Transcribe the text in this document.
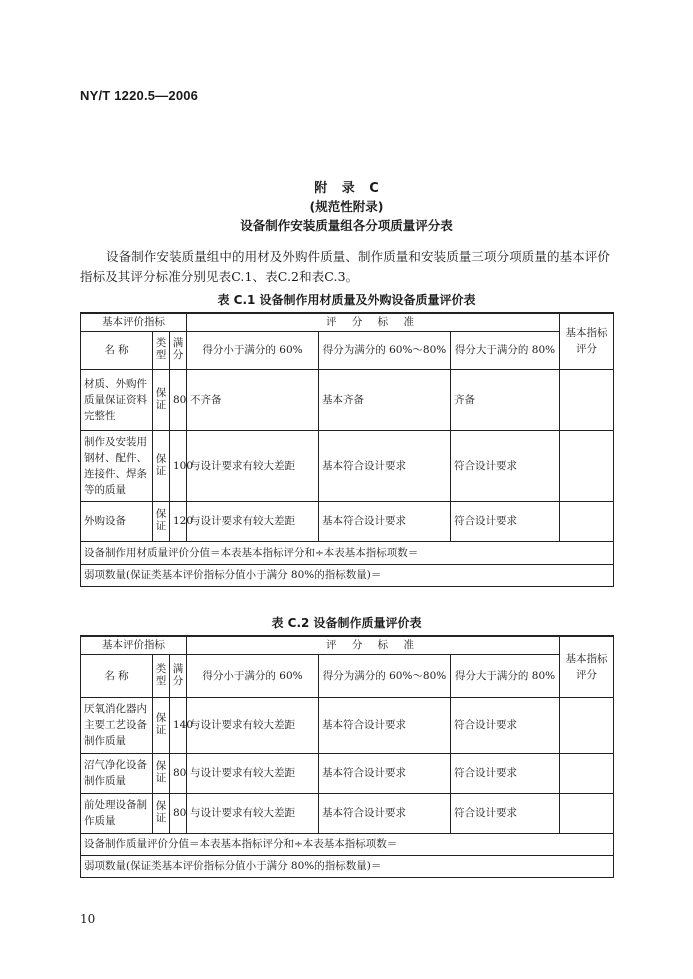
NY/T 1220.5—2006
附 录 C
(规范性附录)
设备制作安装质量组各分项质量评分表

设备制作安装质量组中的用材及外购件质量、制作质量和安装质量三项分项质量的基本评价指标及其评分标准分别见表C.1、表C.2和表C.3。

表 C.1 设备制作用材质量及外购设备质量评价表
基本评价指标			评 分 标 准			基本指标评分
名 称	类型	满分	得分小于满分的 60%	得分为满分的 60%～80%	得分大于满分的 80%	
材质、外购件质量保证资料完整性	保证	80	不齐备	基本齐备	齐备	
制作及安装用钢材、配件、连接件、焊条等的质量	保证	100	与设计要求有较大差距	基本符合设计要求	符合设计要求	
外购设备	保证	120	与设计要求有较大差距	基本符合设计要求	符合设计要求	
设备制作用材质量评价分值＝本表基本指标评分和÷本表基本指标项数＝						
弱项数量(保证类基本评价指标分值小于满分 80%的指标数量)＝						
表 C.2 设备制作质量评价表
基本评价指标			评 分 标 准			基本指标评分
名 称	类型	满分	得分小于满分的 60%	得分为满分的 60%～80%	得分大于满分的 80%	
厌氧消化器内主要工艺设备制作质量	保证	140	与设计要求有较大差距	基本符合设计要求	符合设计要求	
沼气净化设备制作质量	保证	80	与设计要求有较大差距	基本符合设计要求	符合设计要求	
前处理设备制作质量	保证	80	与设计要求有较大差距	基本符合设计要求	符合设计要求	
设备制作质量评价分值＝本表基本指标评分和÷本表基本指标项数＝						
弱项数量(保证类基本评价指标分值小于满分 80%的指标数量)＝						
10
